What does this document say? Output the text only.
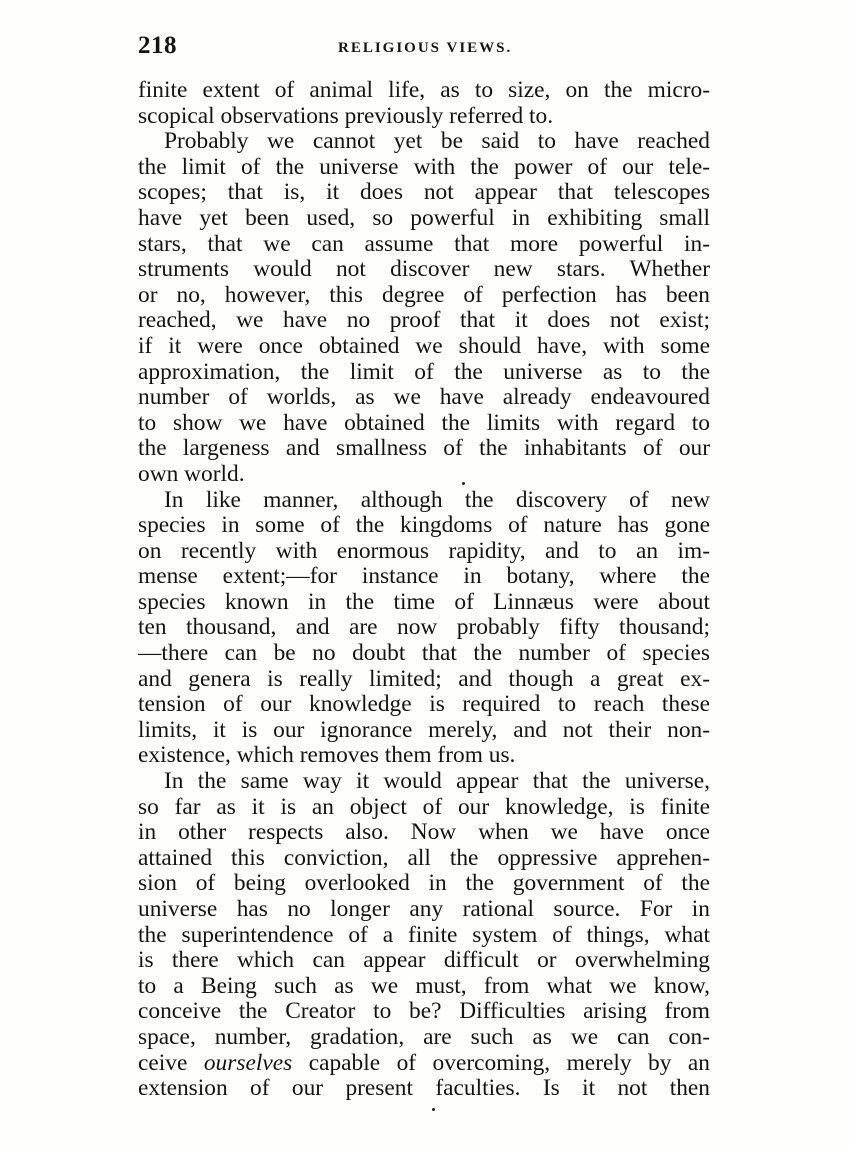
218	RELIGIOUS VIEWS.

finite extent of animal life, as to size, on the micro-
scopical observations previously referred to.

Probably we cannot yet be said to have reached
the limit of the universe with the power of our tele-
scopes; that is, it does not appear that telescopes
have yet been used, so powerful in exhibiting small
stars, that we can assume that more powerful in-
struments would not discover new stars. Whether
or no, however, this degree of perfection has been
reached, we have no proof that it does not exist;
if it were once obtained we should have, with some
approximation, the limit of the universe as to the
number of worlds, as we have already endeavoured
to show we have obtained the limits with regard to
the largeness and smallness of the inhabitants of our
own world.

In like manner, although the discovery of new
species in some of the kingdoms of nature has gone
on recently with enormous rapidity, and to an im-
mense extent;—for instance in botany, where the
species known in the time of Linnæus were about
ten thousand, and are now probably fifty thousand;
—there can be no doubt that the number of species
and genera is really limited; and though a great ex-
tension of our knowledge is required to reach these
limits, it is our ignorance merely, and not their non-
existence, which removes them from us.

In the same way it would appear that the universe,
so far as it is an object of our knowledge, is finite
in other respects also. Now when we have once
attained this conviction, all the oppressive apprehen-
sion of being overlooked in the government of the
universe has no longer any rational source. For in
the superintendence of a finite system of things, what
is there which can appear difficult or overwhelming
to a Being such as we must, from what we know,
conceive the Creator to be? Difficulties arising from
space, number, gradation, are such as we can con-
ceive ourselves capable of overcoming, merely by an
extension of our present faculties. Is it not then
